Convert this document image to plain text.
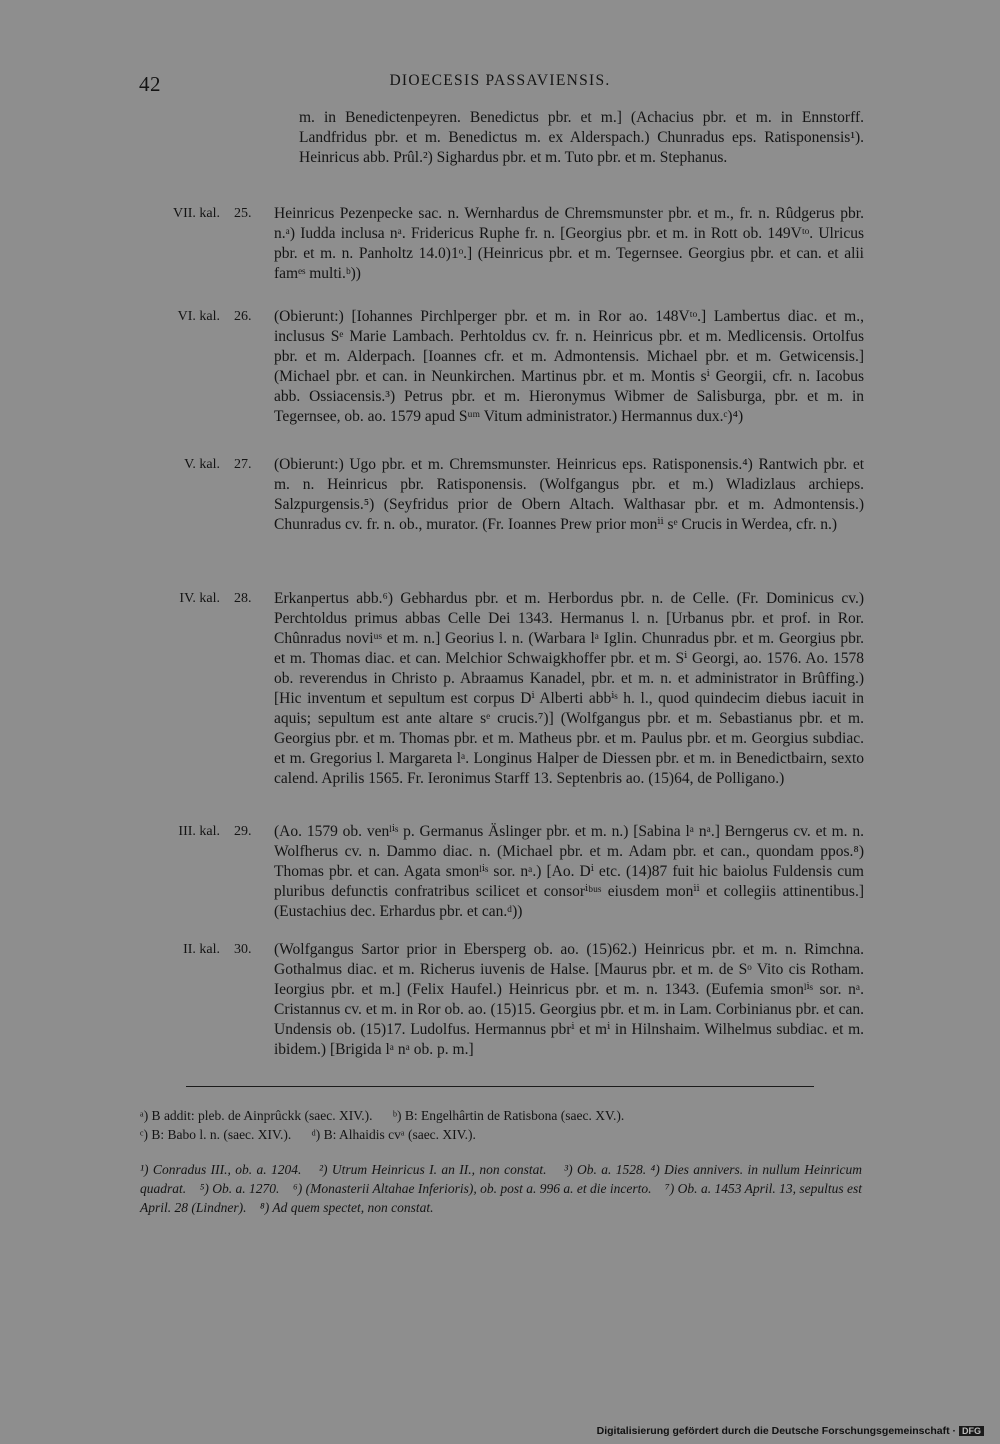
42	DIOECESIS PASSAVIENSIS.
m. in Benedictenpeyren. Benedictus pbr. et m.] (Achacius pbr. et m. in Ennstorff. Landfridus pbr. et m. Benedictus m. ex Alderspach.) Chunradus eps. Ratisponensis¹). Heinricus abb. Prûl.²) Sighardus pbr. et m. Tuto pbr. et m. Stephanus.
VII. kal. 25.	Heinricus Pezenpecke sac. n. Wernhardus de Chremsmunster pbr. et m., fr. n. Rûdgerus pbr. n.ᵃ) Iudda inclusa nᵃ. Fridericus Ruphe fr. n. [Georgius pbr. et m. in Rott ob. 149Vᵗᵒ. Ulricus pbr. et m. n. Panholtz 14.0)1ᵒ.] (Heinricus pbr. et m. Tegernsee. Georgius pbr. et can. et alii famᵉˢ multi.ᵇ))
VI. kal. 26.	(Obierunt:) [Iohannes Pirchlperger pbr. et m. in Ror ao. 148Vᵗᵒ.] Lambertus diac. et m., inclusus Sᵉ Marie Lambach. Perhtoldus cv. fr. n. Heinricus pbr. et m. Medlicensis. Ortolfus pbr. et m. Alderpach. [Ioannes cfr. et m. Admontensis. Michael pbr. et m. Getwicensis.] (Michael pbr. et can. in Neunkirchen. Martinus pbr. et m. Montis sⁱ Georgii, cfr. n. Iacobus abb. Ossiacensis.³) Petrus pbr. et m. Hieronymus Wibmer de Salisburga, pbr. et m. in Tegernsee, ob. ao. 1579 apud Sᵘᵐ Vitum administrator.) Hermannus dux.ᶜ)⁴)
V. kal. 27.	(Obierunt:) Ugo pbr. et m. Chremsmunster. Heinricus eps. Ratisponensis.⁴) Rantwich pbr. et m. n. Heinricus pbr. Ratisponensis. (Wolfgangus pbr. et m.) Wladizlaus archieps. Salzpurgensis.⁵) (Seyfridus prior de Obern Altach. Walthasar pbr. et m. Admontensis.) Chunradus cv. fr. n. ob., murator. (Fr. Ioannes Prew prior monⁱⁱ sᵉ Crucis in Werdea, cfr. n.)
IV. kal. 28.	Erkanpertus abb.⁶) Gebhardus pbr. et m. Herbordus pbr. n. de Celle. (Fr. Dominicus cv.) Perchtoldus primus abbas Celle Dei 1343. Hermanus l. n. [Urbanus pbr. et prof. in Ror. Chûnradus noviᵘˢ et m. n.] Georius l. n. (Warbara lᵃ Iglin. Chunradus pbr. et m. Georgius pbr. et m. Thomas diac. et can. Melchior Schwaigkhoffer pbr. et m. Sⁱ Georgi, ao. 1576. Ao. 1578 ob. reverendus in Christo p. Abraamus Kanadel, pbr. et m. n. et administrator in Brûffing.) [Hic inventum et sepultum est corpus Dⁱ Alberti abbⁱˢ h. l., quod quindecim diebus iacuit in aquis; sepultum est ante altare sᵉ crucis.⁷)] (Wolfgangus pbr. et m. Sebastianus pbr. et m. Georgius pbr. et m. Thomas pbr. et m. Matheus pbr. et m. Paulus pbr. et m. Georgius subdiac. et m. Gregorius l. Margareta lᵃ. Longinus Halper de Diessen pbr. et m. in Benedictbairn, sexto calend. Aprilis 1565. Fr. Ieronimus Starff 13. Septenbris ao. (15)64, de Polligano.)
III. kal. 29.	(Ao. 1579 ob. venˡⁱˢ p. Germanus Äslinger pbr. et m. n.) [Sabina lᵃ nᵃ.] Berngerus cv. et m. n. Wolfherus cv. n. Dammo diac. n. (Michael pbr. et m. Adam pbr. et can., quondam ppos.⁸) Thomas pbr. et can. Agata smonˡⁱˢ sor. nᵃ.) [Ao. Dⁱ etc. (14)87 fuit hic baiolus Fuldensis cum pluribus defunctis confratribus scilicet et consorⁱᵇᵘˢ eiusdem monⁱⁱ et collegiis attinentibus.] (Eustachius dec. Erhardus pbr. et can.ᵈ))
II. kal. 30.	(Wolfgangus Sartor prior in Ebersperg ob. ao. (15)62.) Heinricus pbr. et m. n. Rimchna. Gothalmus diac. et m. Richerus iuvenis de Halse. [Maurus pbr. et m. de Sᵒ Vito cis Rotham. Ieorgius pbr. et m.] (Felix Haufel.) Heinricus pbr. et m. n. 1343. (Eufemia smonˡⁱˢ sor. nᵃ. Cristannus cv. et m. in Ror ob. ao. (15)15. Georgius pbr. et m. in Lam. Corbinianus pbr. et can. Undensis ob. (15)17. Ludolfus. Hermannus pbrⁱ et mⁱ in Hilnshaim. Wilhelmus subdiac. et m. ibidem.) [Brigida lᵃ nᵃ ob. p. m.]
ᵃ) B addit: pleb. de Ainprûckk (saec. XIV.). ᵇ) B: Engelhârtin de Ratisbona (saec. XV.).
ᶜ) B: Babo l. n. (saec. XIV.). ᵈ) B: Alhaidis cvᵃ (saec. XIV.).
¹) Conradus III., ob. a. 1204. ²) Utrum Heinricus I. an II., non constat. ³) Ob. a. 1528. ⁴) Dies annivers. in nullum Heinricum quadrat. ⁵) Ob. a. 1270. ⁶) (Monasterii Altahae Inferioris), ob. post a. 996 a. et die incerto. ⁷) Ob. a. 1453 April. 13, sepultus est April. 28 (Lindner). ⁸) Ad quem spectet, non constat.
Digitalisierung gefördert durch die Deutsche Forschungsgemeinschaft · DFG
